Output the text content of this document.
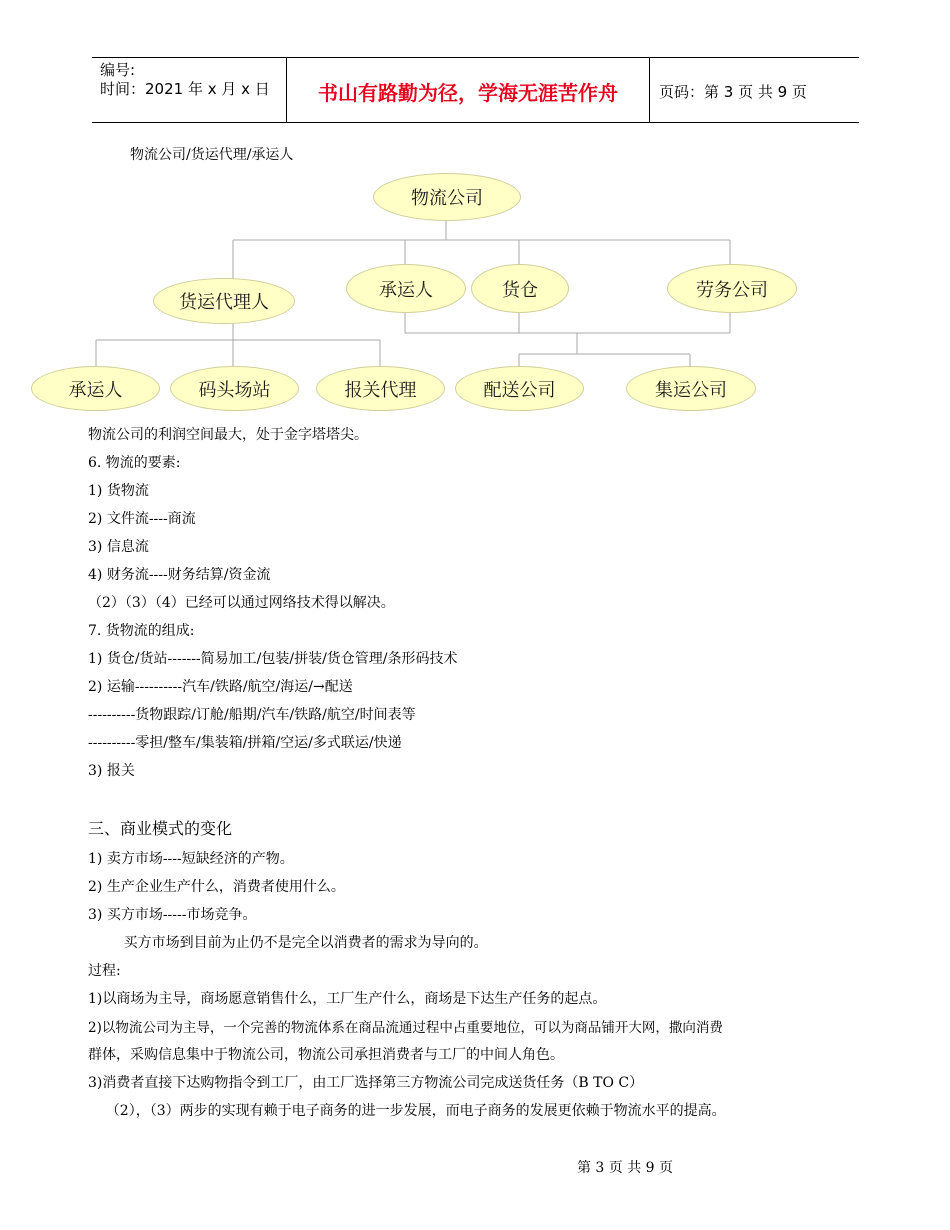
编号:
时间：2021 年 x 月 x 日	书山有路勤为径，学海无涯苦作舟	页码：第 3 页 共 9 页
物流公司/货运代理/承运人
物流公司
货运代理人
承运人	货仓	劳务公司
承运人	码头场站	报关代理	配送公司	集运公司
物流公司的利润空间最大，处于金字塔塔尖。
6. 物流的要素:
1) 货物流
2) 文件流----商流
3) 信息流
4) 财务流----财务结算/资金流
（2）（3）（4）已经可以通过网络技术得以解决。
7. 货物流的组成:
1) 货仓/货站-------简易加工/包装/拼装/货仓管理/条形码技术
2) 运输----------汽车/铁路/航空/海运/→配送
----------货物跟踪/订舱/船期/汽车/铁路/航空/时间表等
----------零担/整车/集装箱/拼箱/空运/多式联运/快递
3) 报关
三、商业模式的变化
1) 卖方市场----短缺经济的产物。
2) 生产企业生产什么，消费者使用什么。
3) 买方市场-----市场竞争。
买方市场到目前为止仍不是完全以消费者的需求为导向的。
过程:
1)以商场为主导，商场愿意销售什么，工厂生产什么，商场是下达生产任务的起点。
2)以物流公司为主导，一个完善的物流体系在商品流通过程中占重要地位，可以为商品铺开大网，撒向消费
群体，采购信息集中于物流公司，物流公司承担消费者与工厂的中间人角色。
3)消费者直接下达购物指令到工厂，由工厂选择第三方物流公司完成送货任务（B TO C）
（2），（3）两步的实现有赖于电子商务的进一步发展，而电子商务的发展更依赖于物流水平的提高。
第 3 页 共 9 页
